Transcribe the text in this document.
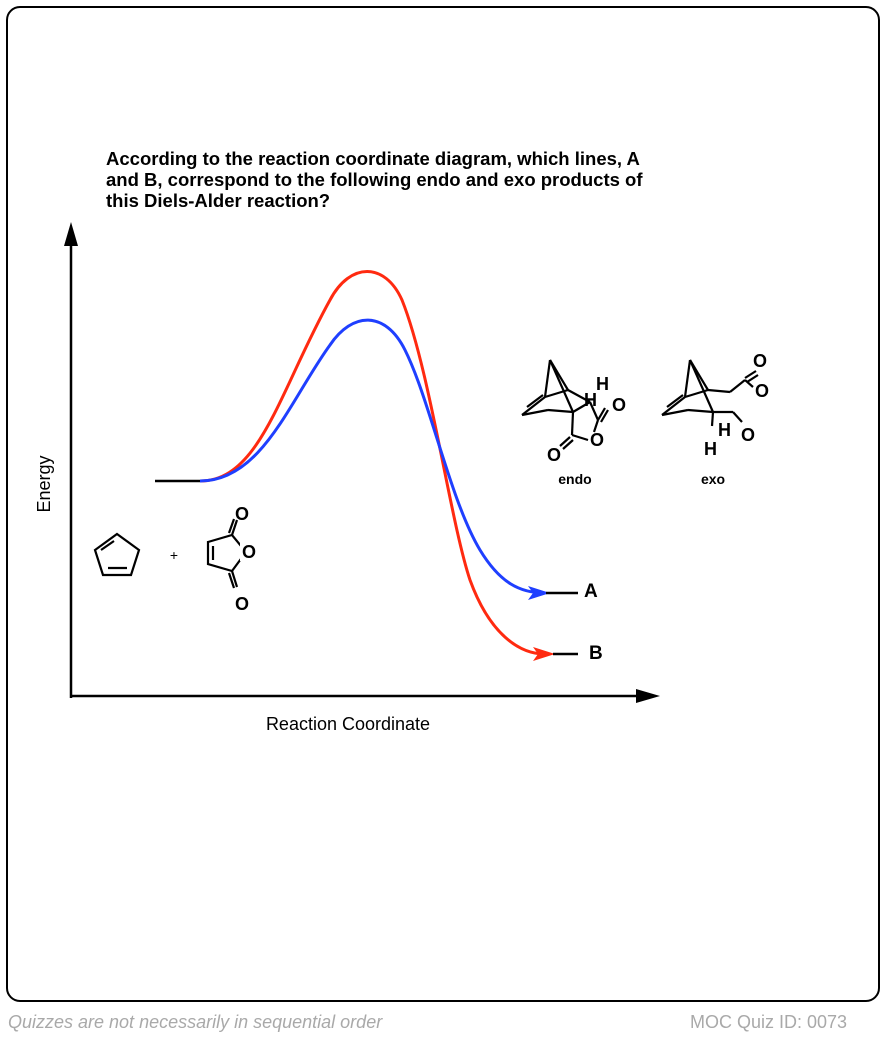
According to the reaction coordinate diagram, which lines, A
and B, correspond to the following endo and exo products of
this Diels-Alder reaction?
Energy
Reaction Coordinate
A
B
+
O
O
O
H
H O
O
O
endo
O
O
H O
H
exo
Quizzes are not necessarily in sequential order	MOC Quiz ID: 0073
